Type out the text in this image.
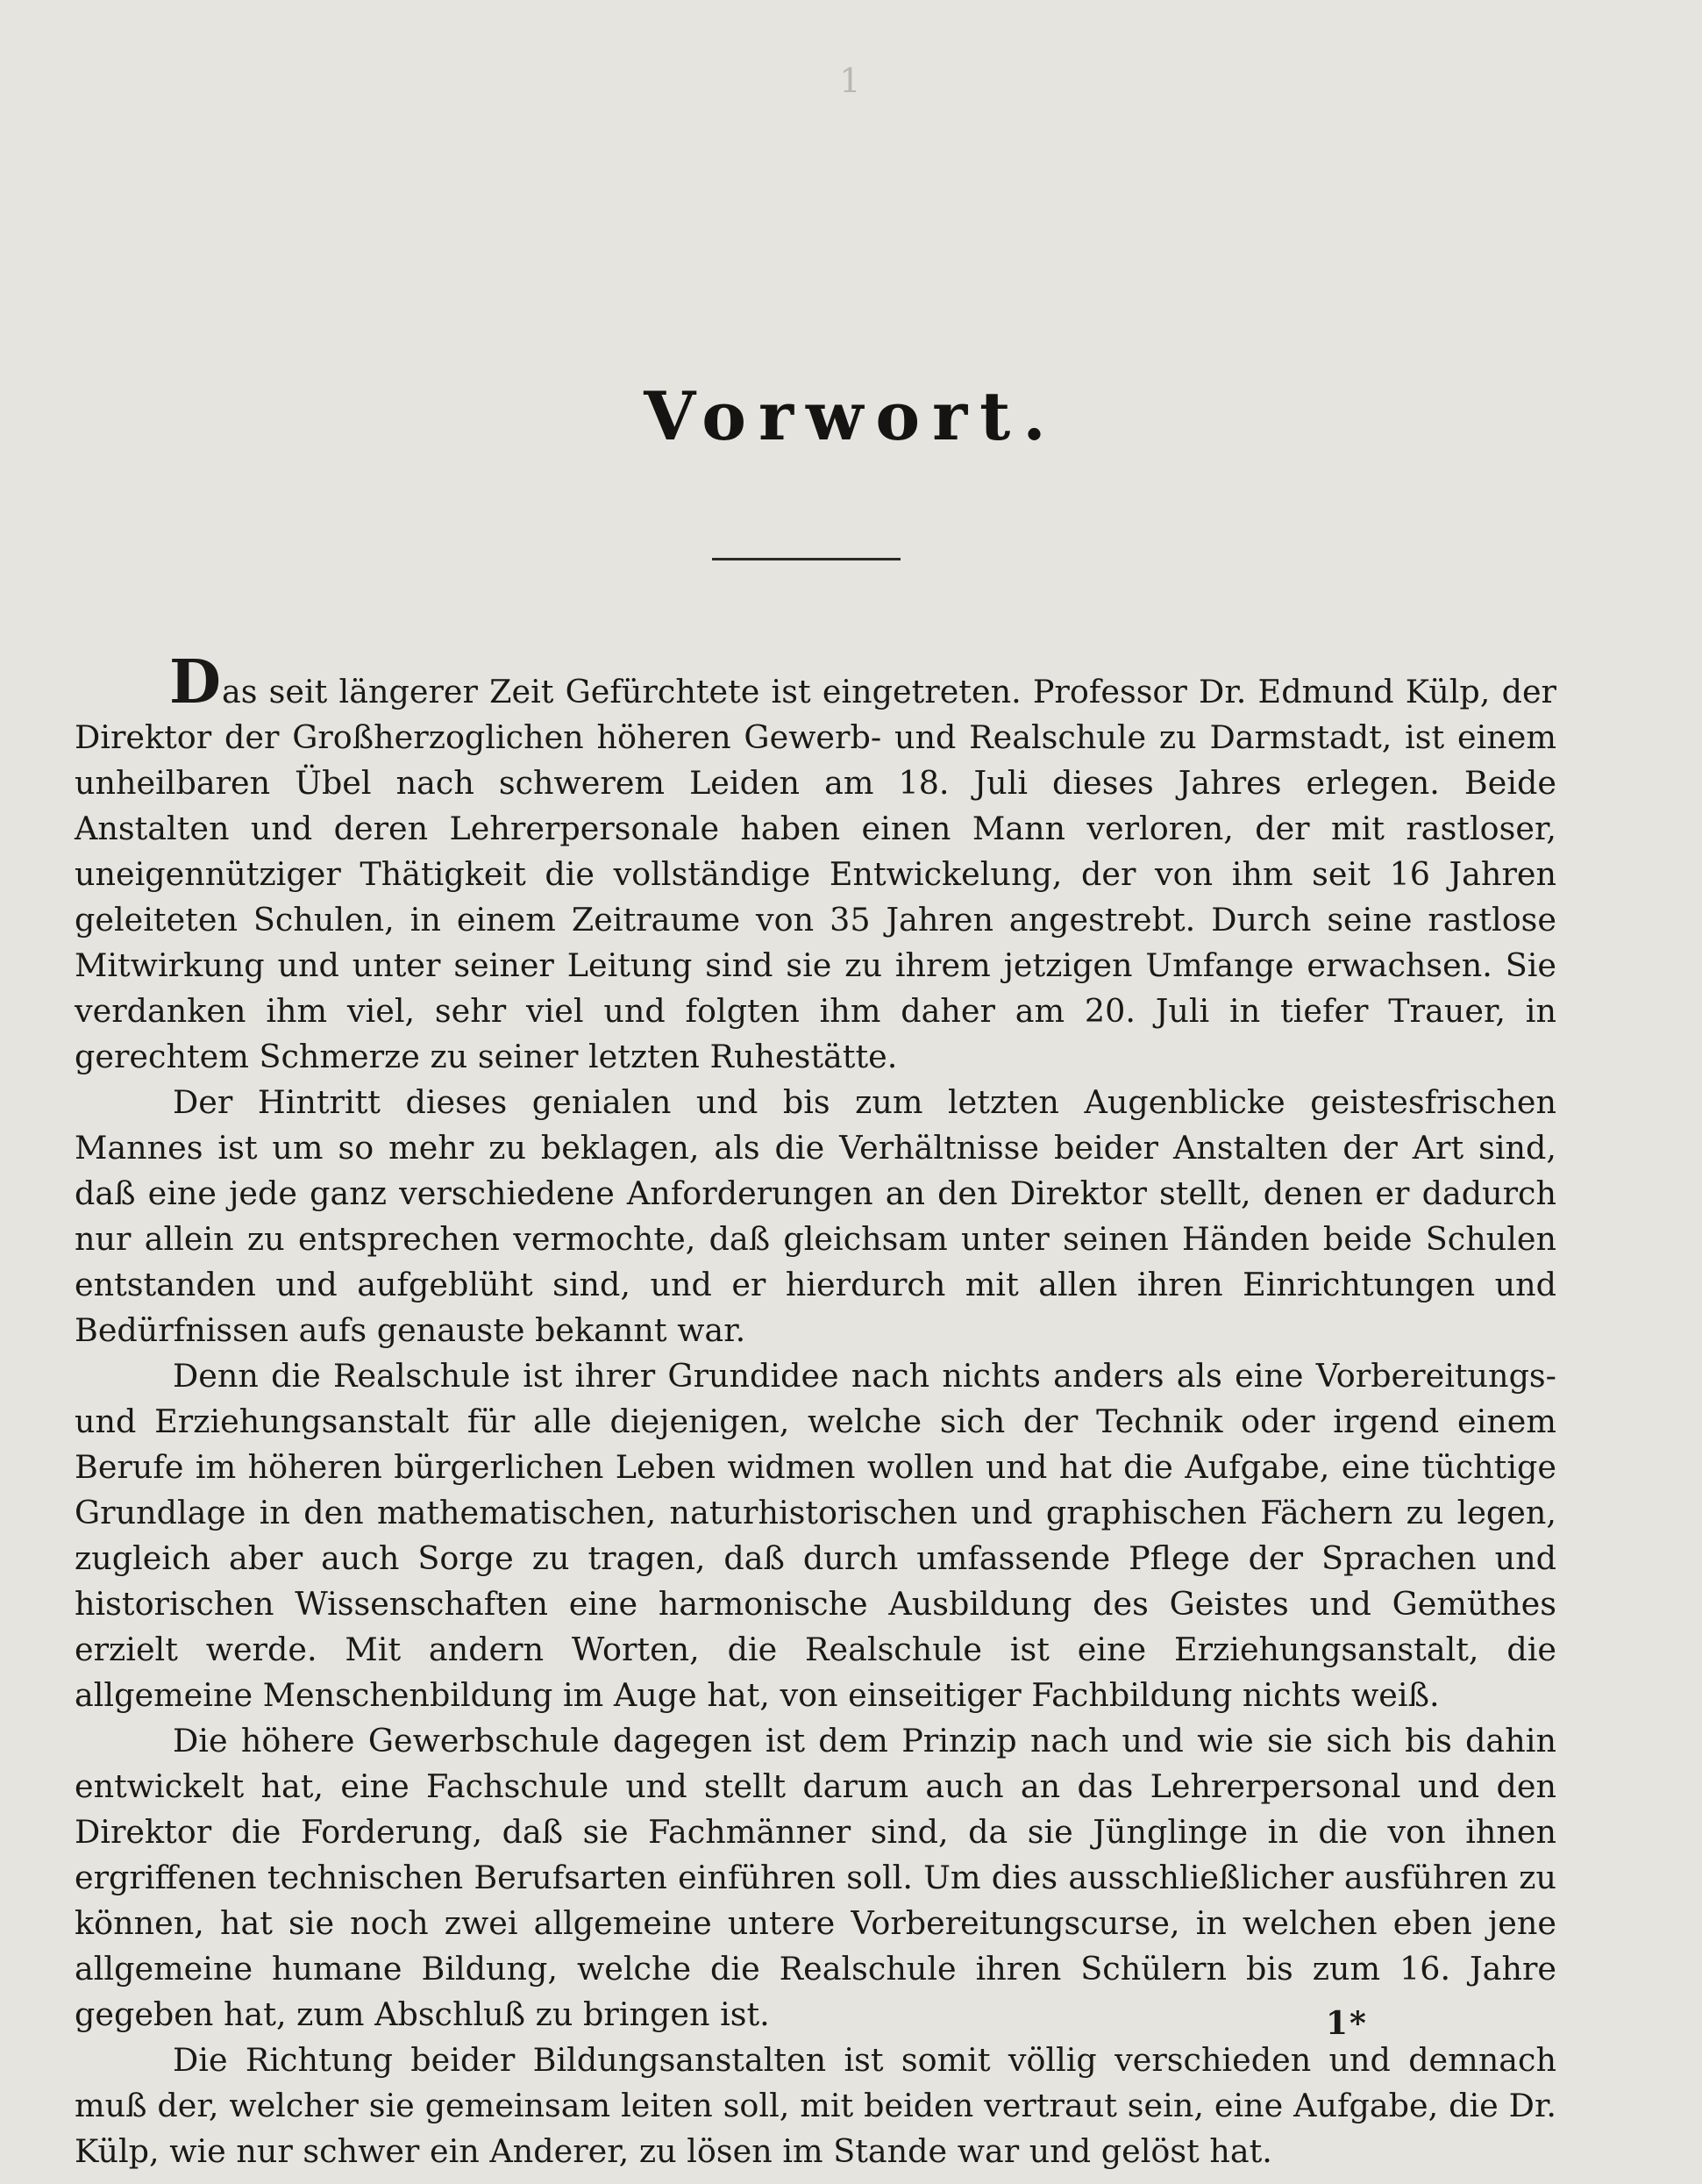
1
Vorwort.

Das seit längerer Zeit Gefürchtete ist eingetreten. Professor Dr. Edmund Külp, der Direktor der Großherzoglichen höheren Gewerb- und Realschule zu Darmstadt, ist einem unheilbaren Übel nach schwerem Leiden am 18. Juli dieses Jahres erlegen. Beide Anstalten und deren Lehrerpersonale haben einen Mann verloren, der mit rastloser, uneigennütziger Thätigkeit die vollständige Entwickelung, der von ihm seit 16 Jahren geleiteten Schulen, in einem Zeitraume von 35 Jahren angestrebt. Durch seine rastlose Mitwirkung und unter seiner Leitung sind sie zu ihrem jetzigen Umfange erwachsen. Sie verdanken ihm viel, sehr viel und folgten ihm daher am 20. Juli in tiefer Trauer, in gerechtem Schmerze zu seiner letzten Ruhestätte.

Der Hintritt dieses genialen und bis zum letzten Augenblicke geistesfrischen Mannes ist um so mehr zu beklagen, als die Verhältnisse beider Anstalten der Art sind, daß eine jede ganz verschiedene Anforderungen an den Direktor stellt, denen er dadurch nur allein zu entsprechen vermochte, daß gleichsam unter seinen Händen beide Schulen entstanden und aufgeblüht sind, und er hierdurch mit allen ihren Einrichtungen und Bedürfnissen aufs genauste bekannt war.

Denn die Realschule ist ihrer Grundidee nach nichts anders als eine Vorbereitungs- und Erziehungsanstalt für alle diejenigen, welche sich der Technik oder irgend einem Berufe im höheren bürgerlichen Leben widmen wollen und hat die Aufgabe, eine tüchtige Grundlage in den mathematischen, naturhistorischen und graphischen Fächern zu legen, zugleich aber auch Sorge zu tragen, daß durch umfassende Pflege der Sprachen und historischen Wissenschaften eine harmonische Ausbildung des Geistes und Gemüthes erzielt werde. Mit andern Worten, die Realschule ist eine Erziehungsanstalt, die allgemeine Menschenbildung im Auge hat, von einseitiger Fachbildung nichts weiß.

Die höhere Gewerbschule dagegen ist dem Prinzip nach und wie sie sich bis dahin entwickelt hat, eine Fachschule und stellt darum auch an das Lehrerpersonal und den Direktor die Forderung, daß sie Fachmänner sind, da sie Jünglinge in die von ihnen ergriffenen technischen Berufsarten einführen soll. Um dies ausschließlicher ausführen zu können, hat sie noch zwei allgemeine untere Vorbereitungscurse, in welchen eben jene allgemeine humane Bildung, welche die Realschule ihren Schülern bis zum 16. Jahre gegeben hat, zum Abschluß zu bringen ist.

Die Richtung beider Bildungsanstalten ist somit völlig verschieden und demnach muß der, welcher sie gemeinsam leiten soll, mit beiden vertraut sein, eine Aufgabe, die Dr. Külp, wie nur schwer ein Anderer, zu lösen im Stande war und gelöst hat.

1*
